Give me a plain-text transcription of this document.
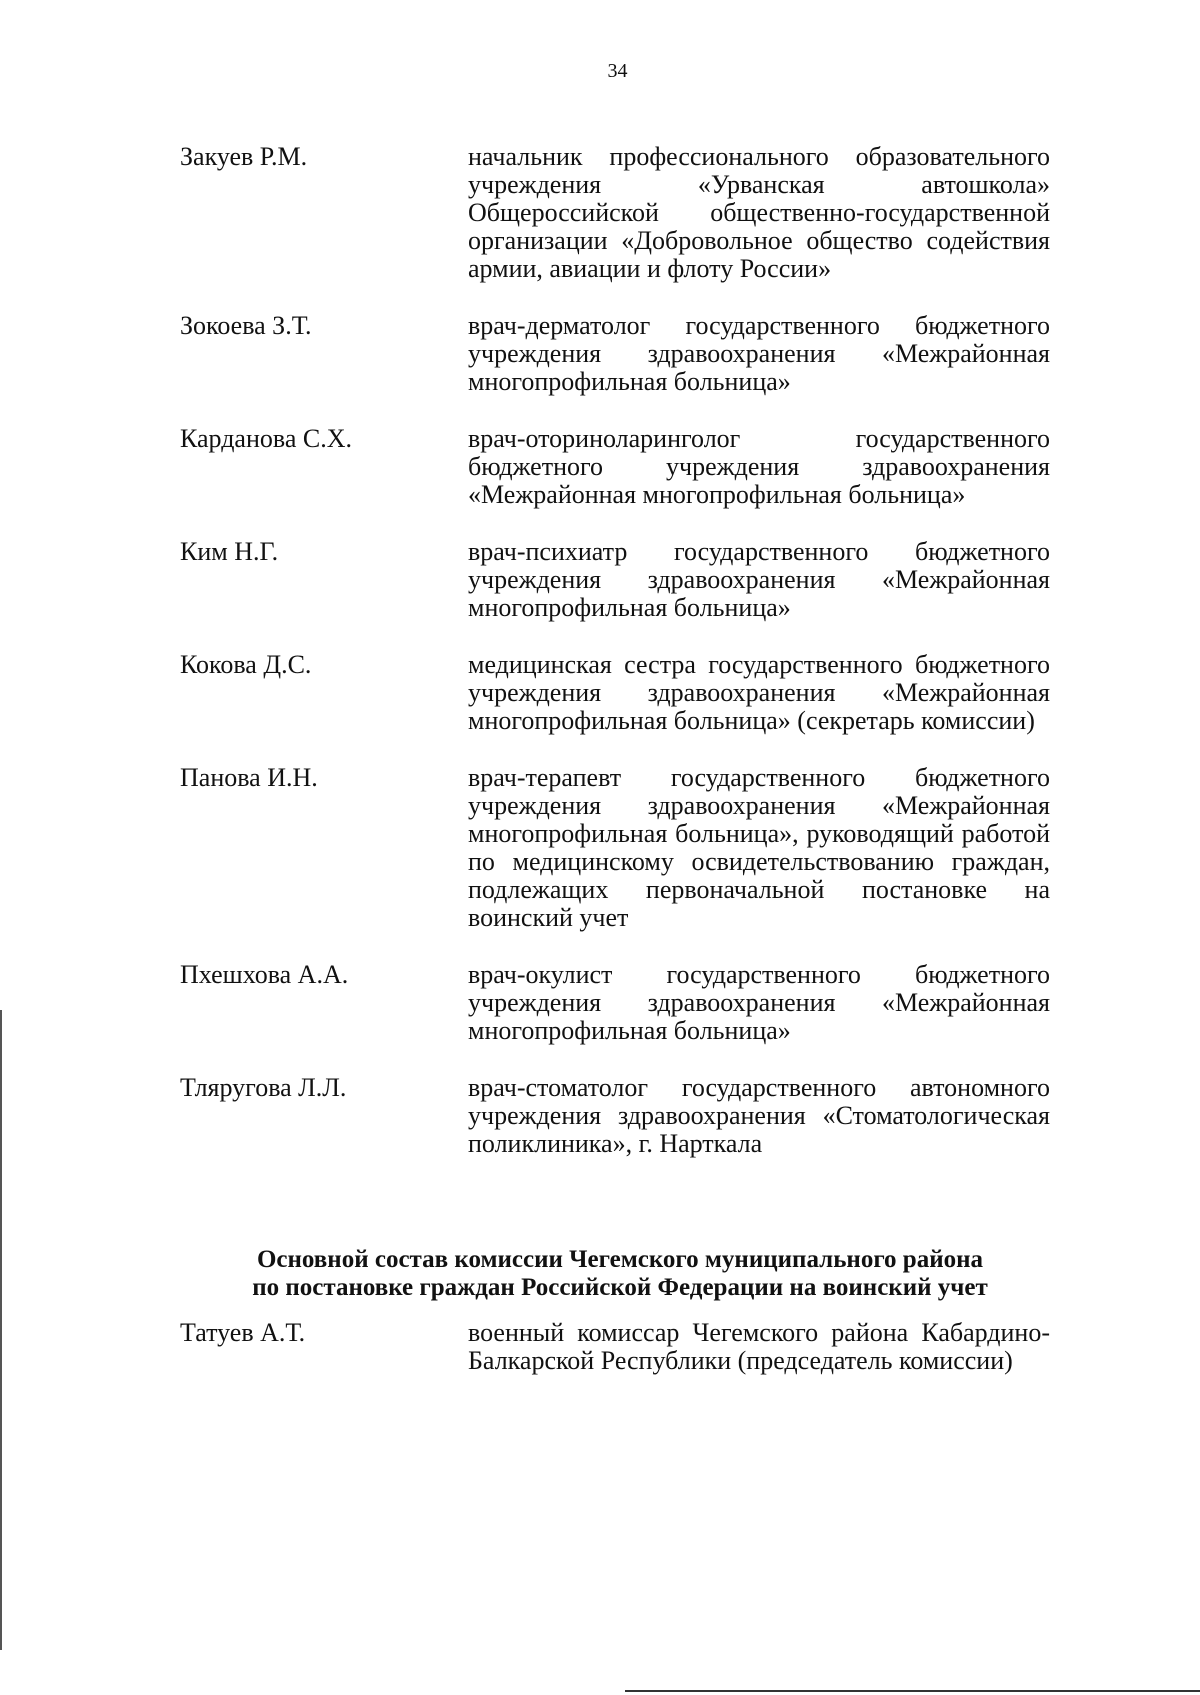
34
Закуев Р.М.	начальник профессионального образовательного учреждения «Урванская автошкола» Общероссийской общественно-государственной организации «Добровольное общество содействия армии, авиации и флоту России»
Зокоева З.Т.	врач-дерматолог государственного бюджетного учреждения здравоохранения «Межрайонная многопрофильная больница»
Карданова С.Х.	врач-оториноларинголог государственного бюджетного учреждения здравоохранения «Межрайонная многопрофильная больница»
Ким Н.Г.	врач-психиатр государственного бюджетного учреждения здравоохранения «Межрайонная многопрофильная больница»
Кокова Д.С.	медицинская сестра государственного бюджетного учреждения здравоохранения «Межрайонная многопрофильная больница» (секретарь комиссии)
Панова И.Н.	врач-терапевт государственного бюджетного учреждения здравоохранения «Межрайонная многопрофильная больница», руководящий работой по медицинскому освидетельствованию граждан, подлежащих первоначальной постановке на воинский учет
Пхешхова А.А.	врач-окулист государственного бюджетного учреждения здравоохранения «Межрайонная многопрофильная больница»
Тляругова Л.Л.	врач-стоматолог государственного автономного учреждения здравоохранения «Стоматологическая поликлиника», г. Нарткала
Основной состав комиссии Чегемского муниципального района
по постановке граждан Российской Федерации на воинский учет
Татуев А.Т.	военный комиссар Чегемского района Кабардино-Балкарской Республики (председатель комиссии)
